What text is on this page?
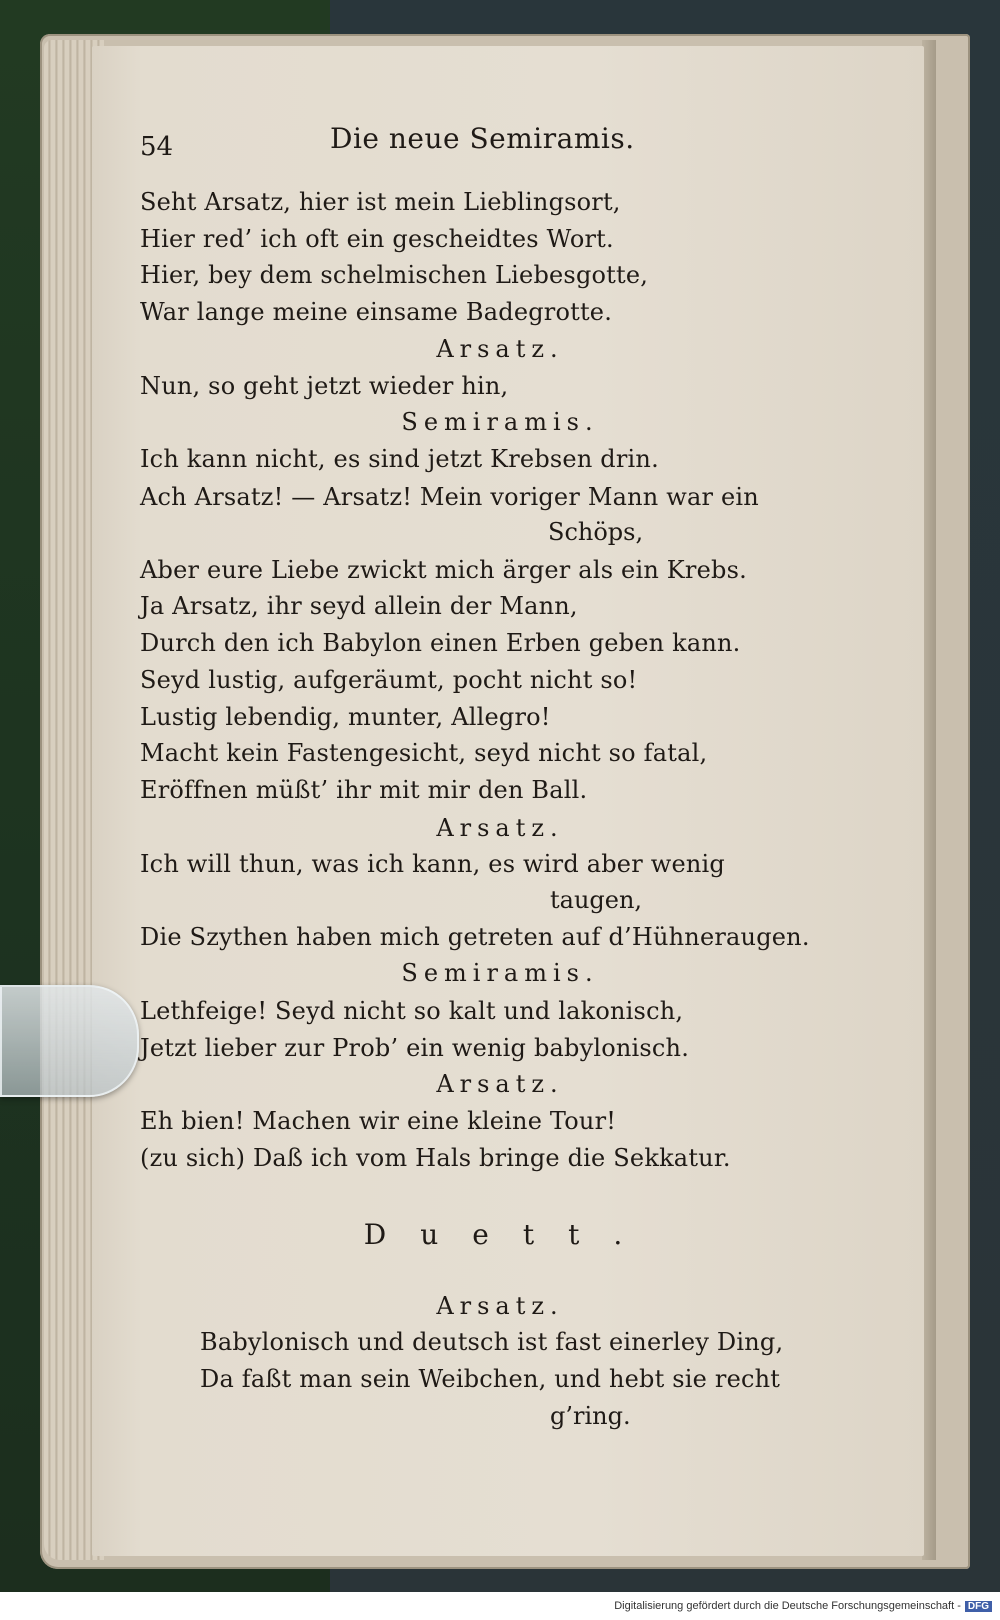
54	Die neue Semiramis.
Seht Arsatz, hier ist mein Lieblingsort,
Hier red’ ich oft ein gescheidtes Wort.
Hier, bey dem schelmischen Liebesgotte,
War lange meine einsame Badegrotte.
Arsatz.
Nun, so geht jetzt wieder hin,
Semiramis.
Ich kann nicht, es sind jetzt Krebsen drin.
Ach Arsatz! — Arsatz! Mein voriger Mann war ein
Schöps,
Aber eure Liebe zwickt mich ärger als ein Krebs.
Ja Arsatz, ihr seyd allein der Mann,
Durch den ich Babylon einen Erben geben kann.
Seyd lustig, aufgeräumt, pocht nicht so!
Lustig lebendig, munter, Allegro!
Macht kein Fastengesicht, seyd nicht so fatal,
Eröffnen müßt’ ihr mit mir den Ball.
Arsatz.
Ich will thun, was ich kann, es wird aber wenig
taugen,
Die Szythen haben mich getreten auf d’Hühneraugen.
Semiramis.
Lethfeige! Seyd nicht so kalt und lakonisch,
Jetzt lieber zur Prob’ ein wenig babylonisch.
Arsatz.
Eh bien! Machen wir eine kleine Tour!
(zu sich) Daß ich vom Hals bringe die Sekkatur.
Duett.
Arsatz.
Babylonisch und deutsch ist fast einerley Ding,
Da faßt man sein Weibchen, und hebt sie recht
g’ring.
Digitalisierung gefördert durch die Deutsche Forschungsgemeinschaft - DFG
